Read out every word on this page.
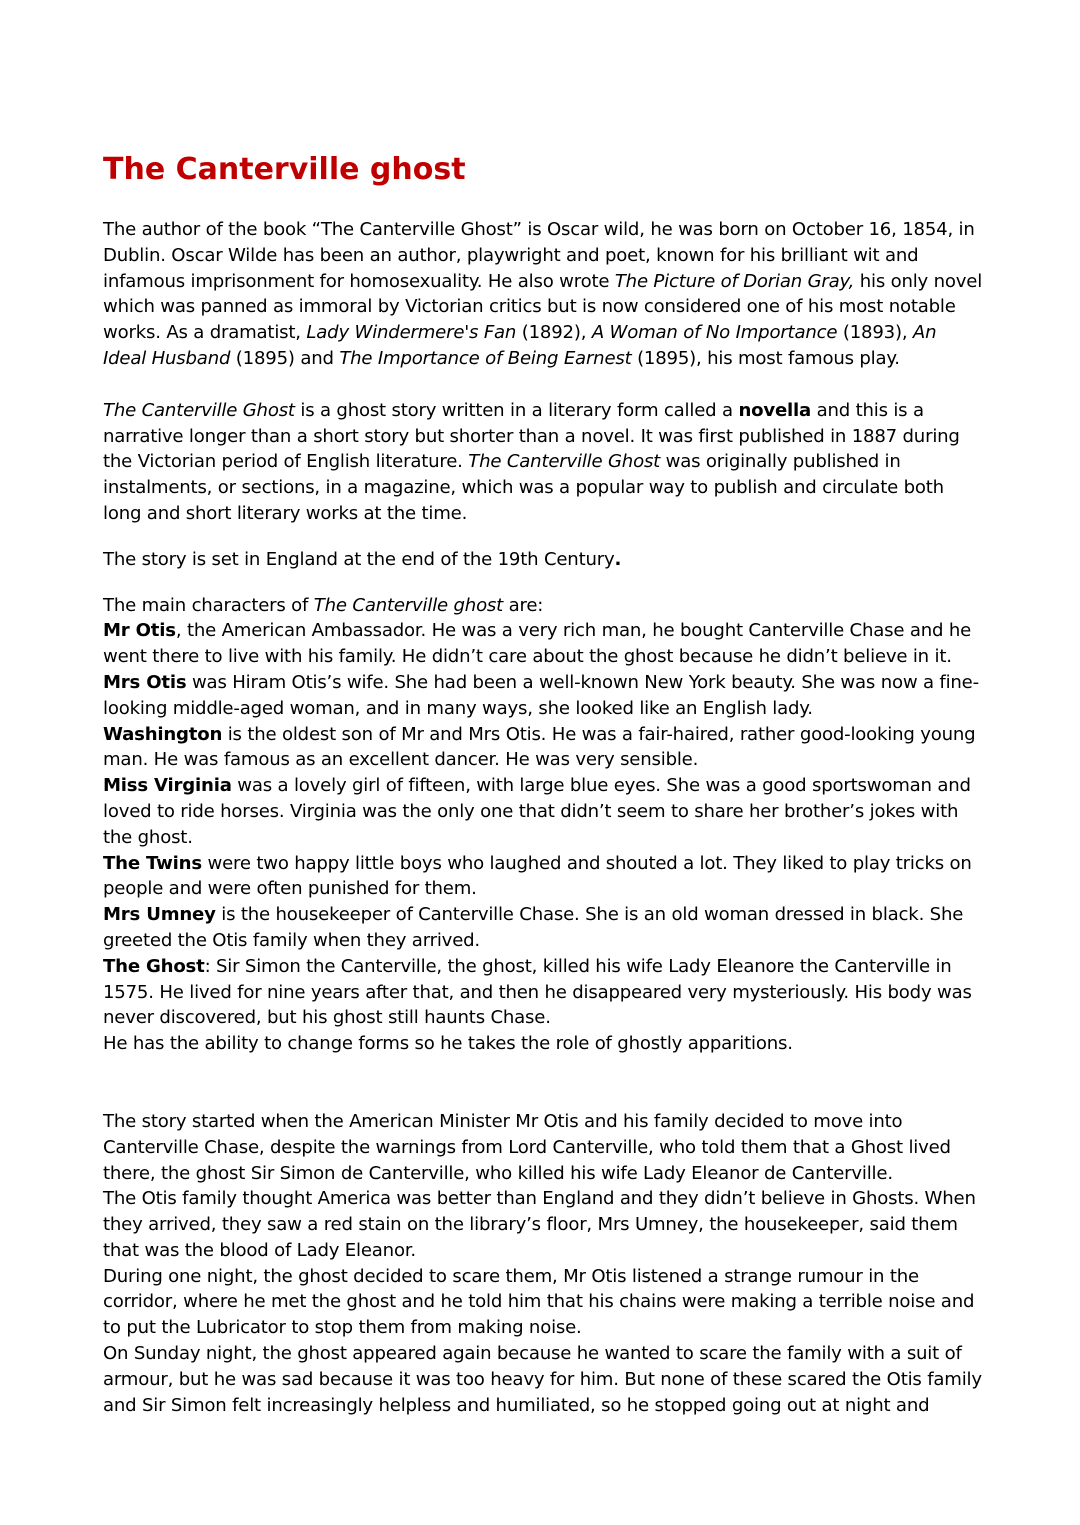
The Canterville ghost

The author of the book “The Canterville Ghost” is Oscar wild, he was born on October 16, 1854, in Dublin. Oscar Wilde has been an author, playwright and poet, known for his brilliant wit and infamous imprisonment for homosexuality. He also wrote The Picture of Dorian Gray, his only novel which was panned as immoral by Victorian critics but is now considered one of his most notable works. As a dramatist, Lady Windermere's Fan (1892), A Woman of No Importance (1893), An Ideal Husband (1895) and The Importance of Being Earnest (1895), his most famous play.

The Canterville Ghost is a ghost story written in a literary form called a novella and this is a narrative longer than a short story but shorter than a novel. It was first published in 1887 during the Victorian period of English literature. The Canterville Ghost was originally published in instalments, or sections, in a magazine, which was a popular way to publish and circulate both long and short literary works at the time.

The story is set in England at the end of the 19th Century.

The main characters of The Canterville ghost are:

Mr Otis, the American Ambassador. He was a very rich man, he bought Canterville Chase and he went there to live with his family. He didn’t care about the ghost because he didn’t believe in it.

Mrs Otis was Hiram Otis’s wife. She had been a well-known New York beauty. She was now a fine-looking middle-aged woman, and in many ways, she looked like an English lady.

Washington is the oldest son of Mr and Mrs Otis. He was a fair-haired, rather good-looking young man. He was famous as an excellent dancer. He was very sensible.

Miss Virginia was a lovely girl of fifteen, with large blue eyes. She was a good sportswoman and loved to ride horses. Virginia was the only one that didn’t seem to share her brother’s jokes with the ghost.

The Twins were two happy little boys who laughed and shouted a lot. They liked to play tricks on people and were often punished for them.

Mrs Umney is the housekeeper of Canterville Chase. She is an old woman dressed in black. She greeted the Otis family when they arrived.

The Ghost: Sir Simon the Canterville, the ghost, killed his wife Lady Eleanore the Canterville in 1575. He lived for nine years after that, and then he disappeared very mysteriously. His body was never discovered, but his ghost still haunts Chase.

He has the ability to change forms so he takes the role of ghostly apparitions.

The story started when the American Minister Mr Otis and his family decided to move into Canterville Chase, despite the warnings from Lord Canterville, who told them that a Ghost lived there, the ghost Sir Simon de Canterville, who killed his wife Lady Eleanor de Canterville.

The Otis family thought America was better than England and they didn’t believe in Ghosts. When they arrived, they saw a red stain on the library’s floor, Mrs Umney, the housekeeper, said them that was the blood of Lady Eleanor.

During one night, the ghost decided to scare them, Mr Otis listened a strange rumour in the corridor, where he met the ghost and he told him that his chains were making a terrible noise and to put the Lubricator to stop them from making noise.

On Sunday night, the ghost appeared again because he wanted to scare the family with a suit of armour, but he was sad because it was too heavy for him. But none of these scared the Otis family and Sir Simon felt increasingly helpless and humiliated, so he stopped going out at night and
